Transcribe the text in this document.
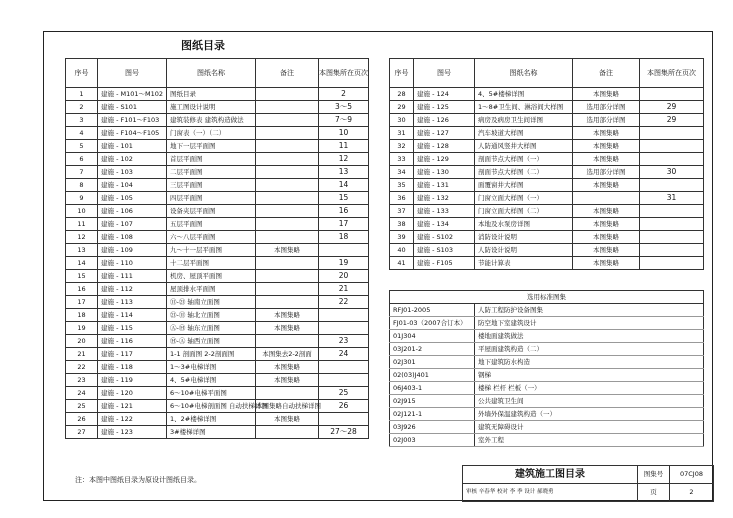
图纸目录
序号	图号	图纸名称	备注	本图集所在页次
1	建施 - M101～M102	图纸目录		2
2	建施 - S101	施工图设计说明		3～5
3	建施 - F101～F103	建筑装修表 建筑构造做法		7～9
4	建施 - F104～F105	门窗表（一）（二）		10
5	建施 - 101	地下一层平面图		11
6	建施 - 102	首层平面图		12
7	建施 - 103	二层平面图		13
8	建施 - 104	三层平面图		14
9	建施 - 105	四层平面图		15
10	建施 - 106	设备夹层平面图		16
11	建施 - 107	五层平面图		17
12	建施 - 108	六～八层平面图		18
13	建施 - 109	九～十一层平面图	本图集略	
14	建施 - 110	十二层平面图		19
15	建施 - 111	机房、屋顶平面图		20
16	建施 - 112	屋顶排水平面图		21
17	建施 - 113	⑪-㉑ 轴南立面图		22
18	建施 - 114	㉑-⑪ 轴北立面图	本图集略	
19	建施 - 115	Ⓐ-Ⓗ 轴东立面图	本图集略	
20	建施 - 116	Ⓗ-Ⓐ 轴西立面图		23
21	建施 - 117	1-1 剖面图 2-2剖面图	本图集去2-2剖面	24
22	建施 - 118	1～3#电梯详图	本图集略	
23	建施 - 119	4、5#电梯详图	本图集略	
24	建施 - 120	6～10#电梯平面图		25
25	建施 - 121	6～10#电梯剖面图 自动扶梯详图	本图集略自动扶梯详图	26
26	建施 - 122	1、2#楼梯详图	本图集略	
27	建施 - 123	3#楼梯详图		27～28
序号	图号	图纸名称	备注	本图集所在页次
28	建施 - 124	4、5#楼梯详图	本图集略	
29	建施 - 125	1～8#卫生间、淋浴间大样图	选用部分详图	29
30	建施 - 126	病房及病房卫生间详图	选用部分详图	29
31	建施 - 127	汽车坡道大样图	本图集略	
32	建施 - 128	人防通风竖井大样图	本图集略	
33	建施 - 129	剖面节点大样图（一）	本图集略	
34	建施 - 130	剖面节点大样图（二）	选用部分详图	30
35	建施 - 131	面覆窗井大样图	本图集略	
36	建施 - 132	门窗立面大样图（一）		31
37	建施 - 133	门窗立面大样图（二）	本图集略	
38	建施 - 134	本地及水泵房详图	本图集略	
39	建施 - S102	消防设计说明	本图集略	
40	建施 - S103	人防设计说明	本图集略	
41	建施 - F105	节能计算表	本图集略	

选用标准图集				
RFJ01-2005		人防工程防护设备图集		
FJ01-03（2007合订本）		防空地下室建筑设计		
01J304		楼地面建筑做法		
03J201-2		平屋面建筑构造（二）		
02J301		地下建筑防水构造		
02(03)J401		钢梯		
06J403-1		楼梯 栏杆 栏板（一）		
02J915		公共建筑卫生间		
02J121-1		外墙外保温建筑构造（一）		
03J926		建筑无障碍设计		
02J003		室外工程		
注：本图中图纸目录为原设计图纸目录。	建筑施工图目录	图集号	07CJ08
审核 辛春华 校对 李 季 设计 郝晓勇	页	2
